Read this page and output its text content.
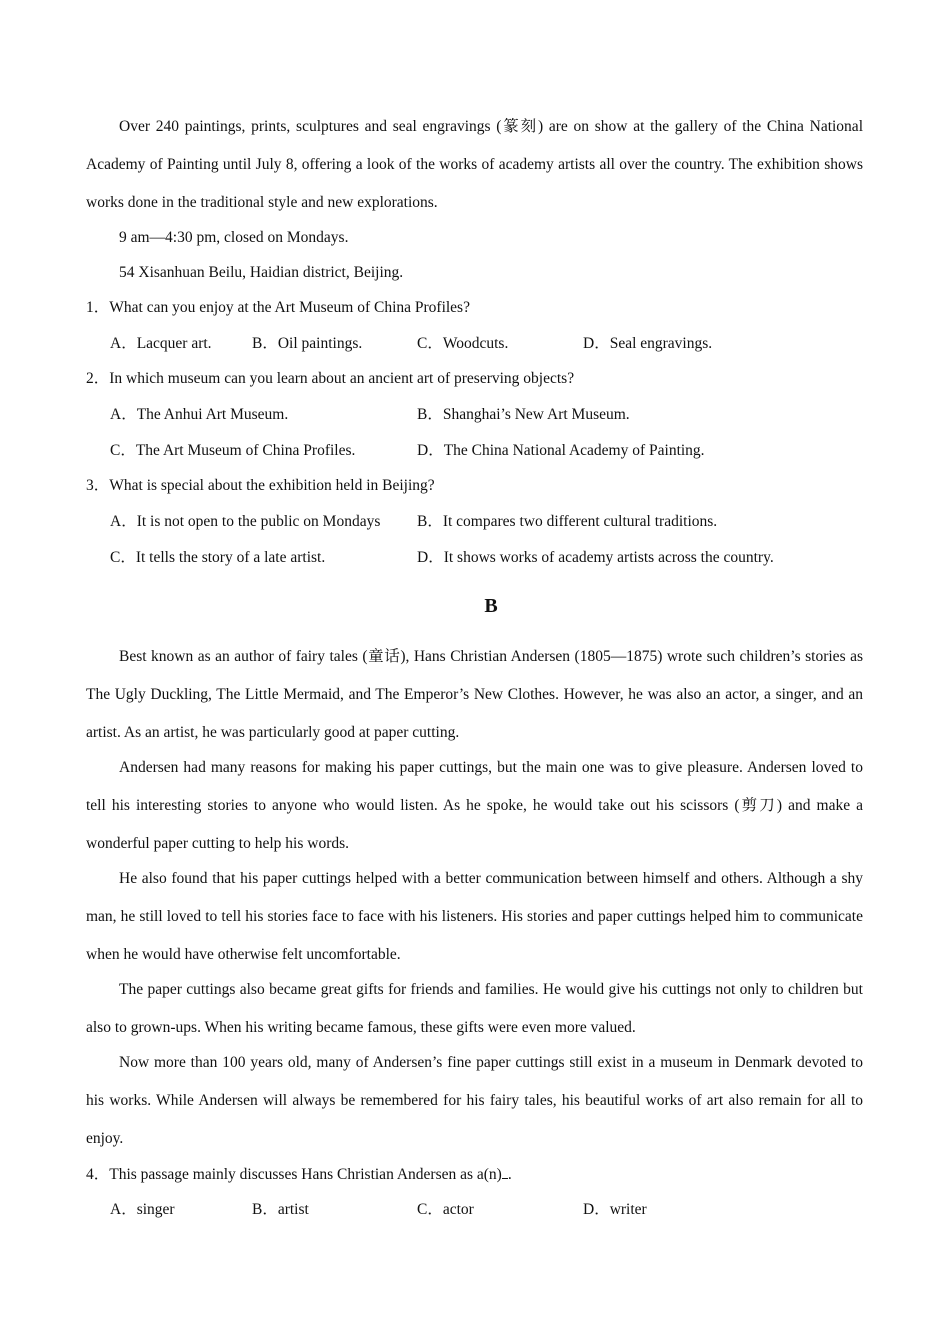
Over 240 paintings, prints, sculptures and seal engravings (篆刻) are on show at the gallery of the China National Academy of Painting until July 8, offering a look of the works of academy artists all over the country. The exhibition shows works done in the traditional style and new explorations.

9 am—4:30 pm, closed on Mondays.
54 Xisanhuan Beilu, Haidian district, Beijing.
1．What can you enjoy at the Art Museum of China Profiles?
A．Lacquer art.	B．Oil paintings.	C．Woodcuts.	D．Seal engravings.
2．In which museum can you learn about an ancient art of preserving objects?
A．The Anhui Art Museum.	B．Shanghai’s New Art Museum.
C．The Art Museum of China Profiles.	D．The China National Academy of Painting.
3．What is special about the exhibition held in Beijing?
A．It is not open to the public on Mondays B．It compares two different cultural traditions.
C．It tells the story of a late artist.	D．It shows works of academy artists across the country.
B

Best known as an author of fairy tales (童话), Hans Christian Andersen (1805—1875) wrote such children’s stories as The Ugly Duckling, The Little Mermaid, and The Emperor’s New Clothes. However, he was also an actor, a singer, and an artist. As an artist, he was particularly good at paper cutting.

Andersen had many reasons for making his paper cuttings, but the main one was to give pleasure. Andersen loved to tell his interesting stories to anyone who would listen. As he spoke, he would take out his scissors (剪刀) and make a wonderful paper cutting to help his words.

He also found that his paper cuttings helped with a better communication between himself and others. Although a shy man, he still loved to tell his stories face to face with his listeners. His stories and paper cuttings helped him to communicate when he would have otherwise felt uncomfortable.

The paper cuttings also became great gifts for friends and families. He would give his cuttings not only to children but also to grown-ups. When his writing became famous, these gifts were even more valued.

Now more than 100 years old, many of Andersen’s fine paper cuttings still exist in a museum in Denmark devoted to his works. While Andersen will always be remembered for his fairy tales, his beautiful works of art also remain for all to enjoy.

4．This passage mainly discusses Hans Christian Andersen as a(n) .
A．singer	B．artist	C．actor	D．writer
